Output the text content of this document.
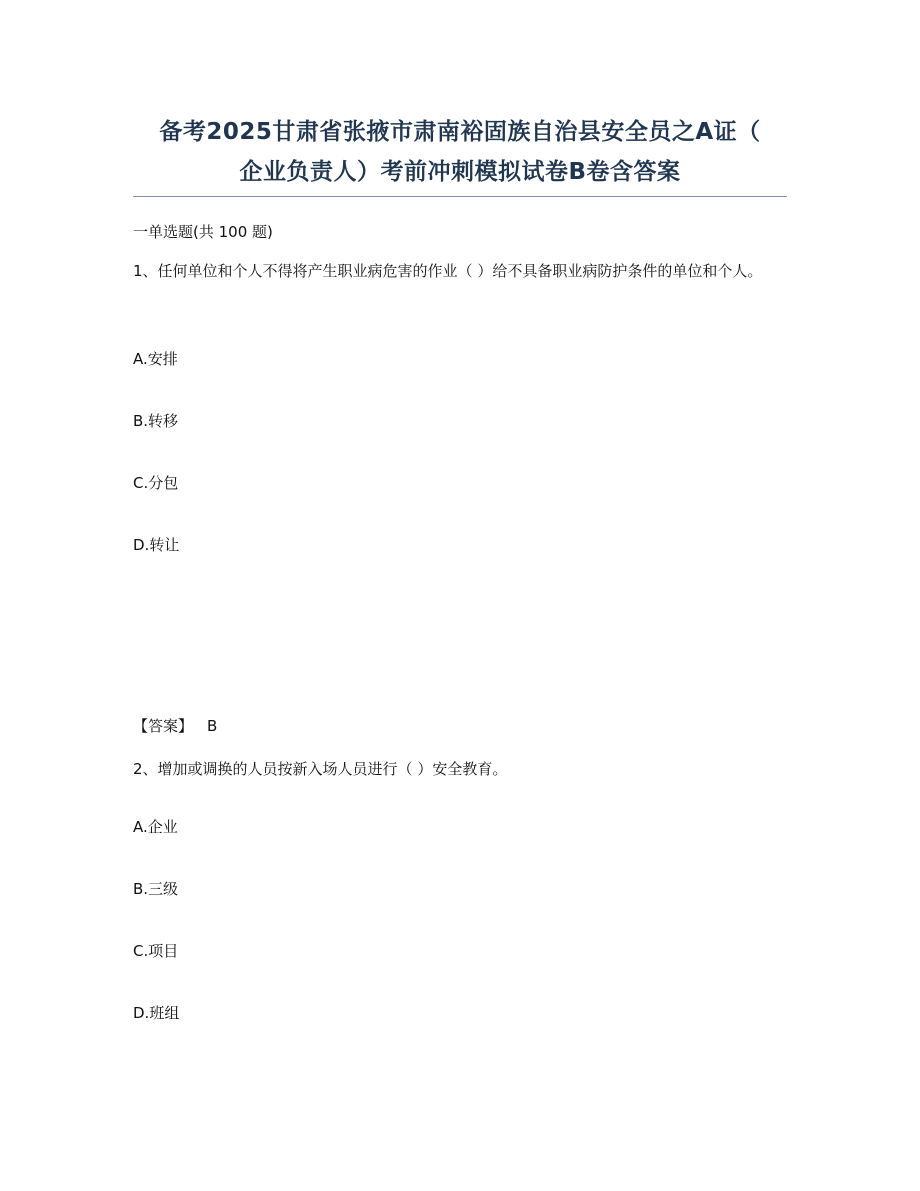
备考2025甘肃省张掖市肃南裕固族自治县安全员之A证（
企业负责人）考前冲刺模拟试卷B卷含答案
一单选题(共 100 题)
1、任何单位和个人不得将产生职业病危害的作业（ ）给不具备职业病防护条件的单位和个人。
A.安排
B.转移
C.分包
D.转让
【答案】 B
2、增加或调换的人员按新入场人员进行（ ）安全教育。
A.企业
B.三级
C.项目
D.班组
